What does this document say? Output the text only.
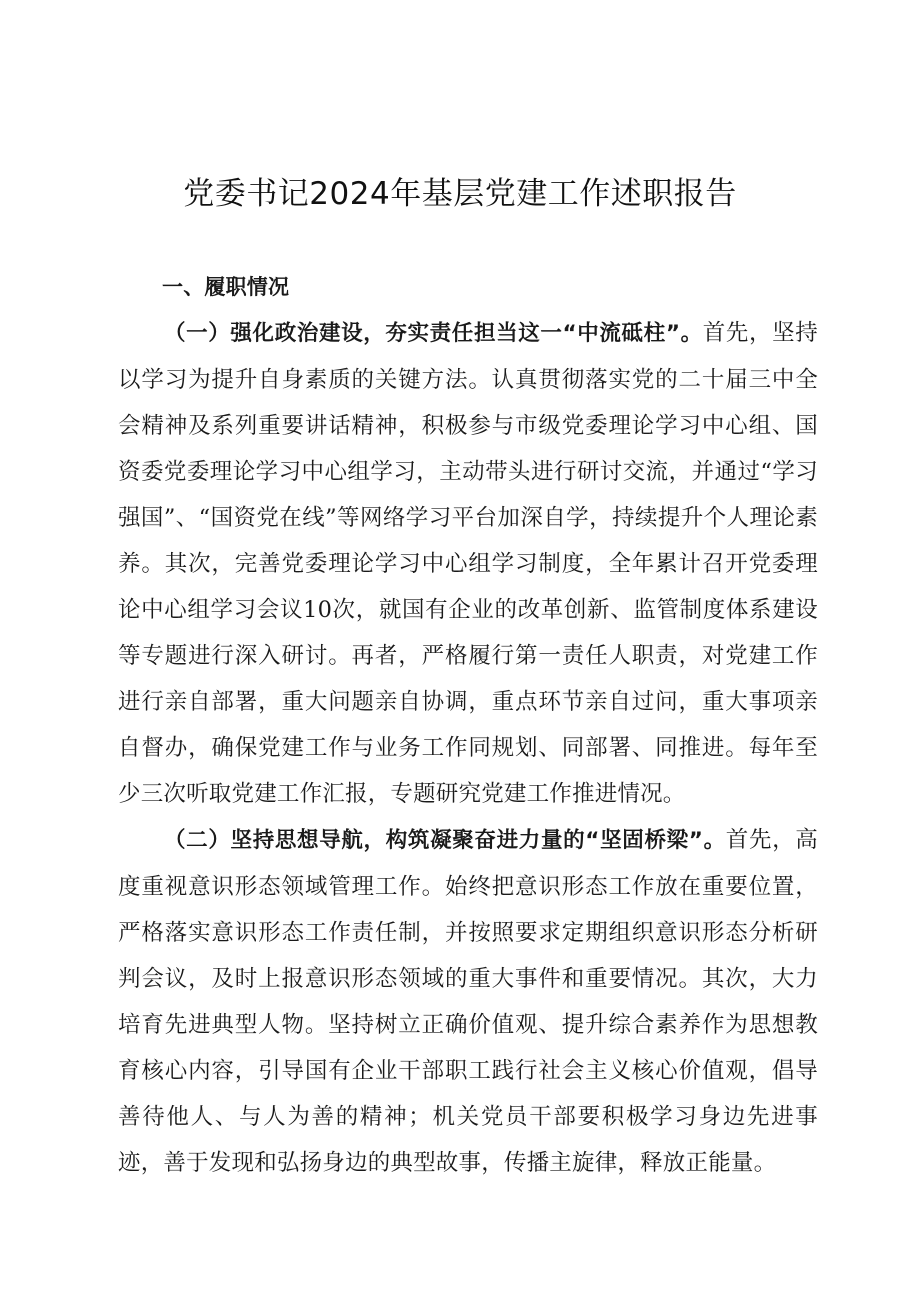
党委书记2024年基层党建工作述职报告

一、履职情况

（一）强化政治建设，夯实责任担当这一“中流砥柱”。首先，坚持以学习为提升自身素质的关键方法。认真贯彻落实党的二十届三中全会精神及系列重要讲话精神，积极参与市级党委理论学习中心组、国资委党委理论学习中心组学习，主动带头进行研讨交流，并通过“学习强国”、“国资党在线”等网络学习平台加深自学，持续提升个人理论素养。其次，完善党委理论学习中心组学习制度，全年累计召开党委理论中心组学习会议10次，就国有企业的改革创新、监管制度体系建设等专题进行深入研讨。再者，严格履行第一责任人职责，对党建工作进行亲自部署，重大问题亲自协调，重点环节亲自过问，重大事项亲自督办，确保党建工作与业务工作同规划、同部署、同推进。每年至少三次听取党建工作汇报，专题研究党建工作推进情况。

（二）坚持思想导航，构筑凝聚奋进力量的“坚固桥梁”。首先，高度重视意识形态领域管理工作。始终把意识形态工作放在重要位置，严格落实意识形态工作责任制，并按照要求定期组织意识形态分析研判会议，及时上报意识形态领域的重大事件和重要情况。其次，大力培育先进典型人物。坚持树立正确价值观、提升综合素养作为思想教育核心内容，引导国有企业干部职工践行社会主义核心价值观，倡导善待他人、与人为善的精神；机关党员干部要积极学习身边先进事迹，善于发现和弘扬身边的典型故事，传播主旋律，释放正能量。
